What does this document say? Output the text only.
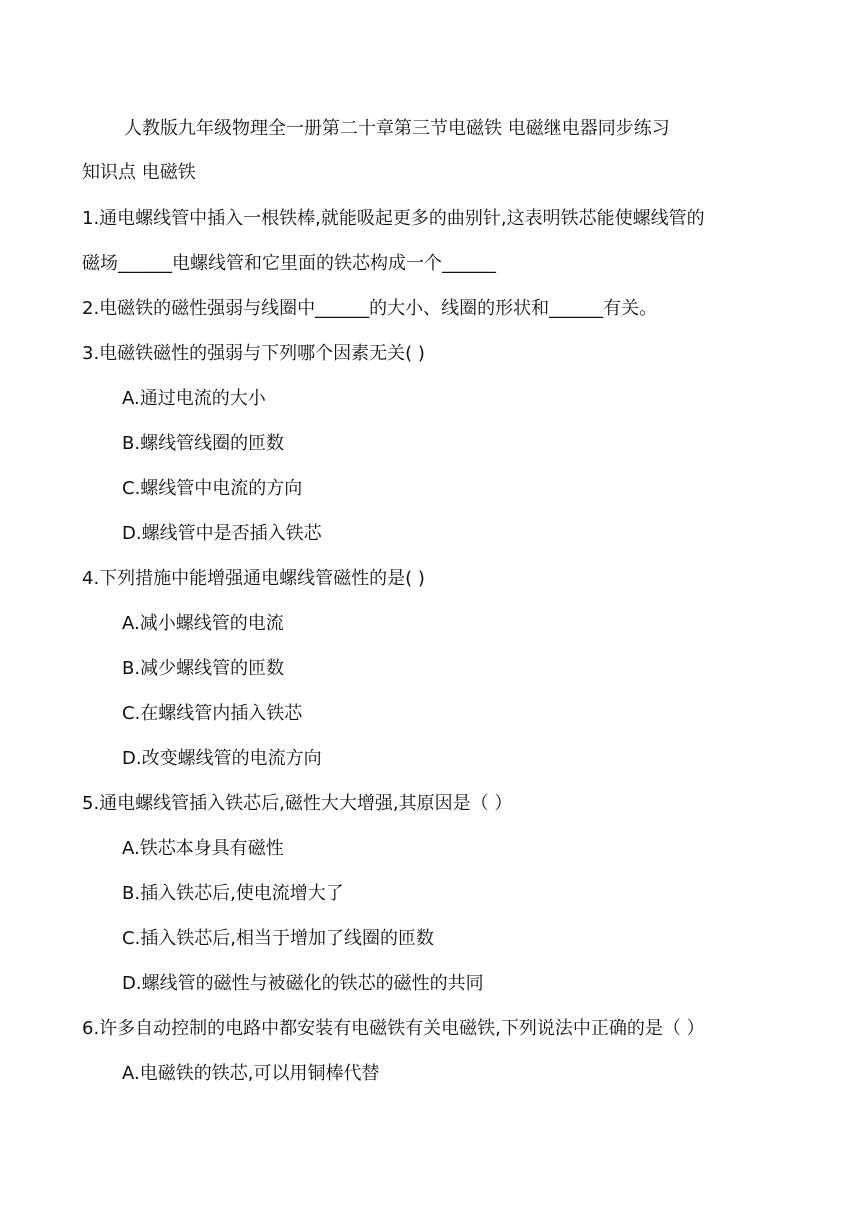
人教版九年级物理全一册第二十章第三节电磁铁 电磁继电器同步练习
知识点 电磁铁
1.通电螺线管中插入一根铁棒,就能吸起更多的曲别针,这表明铁芯能使螺线管的
磁场______电螺线管和它里面的铁芯构成一个______
2.电磁铁的磁性强弱与线圈中______的大小、线圈的形状和______有关。
3.电磁铁磁性的强弱与下列哪个因素无关( )
A.通过电流的大小
B.螺线管线圈的匝数
C.螺线管中电流的方向
D.螺线管中是否插入铁芯
4.下列措施中能增强通电螺线管磁性的是( )
A.减小螺线管的电流
B.减少螺线管的匝数
C.在螺线管内插入铁芯
D.改变螺线管的电流方向
5.通电螺线管插入铁芯后,磁性大大增强,其原因是（ ）
A.铁芯本身具有磁性
B.插入铁芯后,使电流增大了
C.插入铁芯后,相当于增加了线圈的匝数
D.螺线管的磁性与被磁化的铁芯的磁性的共同
6.许多自动控制的电路中都安装有电磁铁有关电磁铁,下列说法中正确的是（ ）
A.电磁铁的铁芯,可以用铜棒代替
